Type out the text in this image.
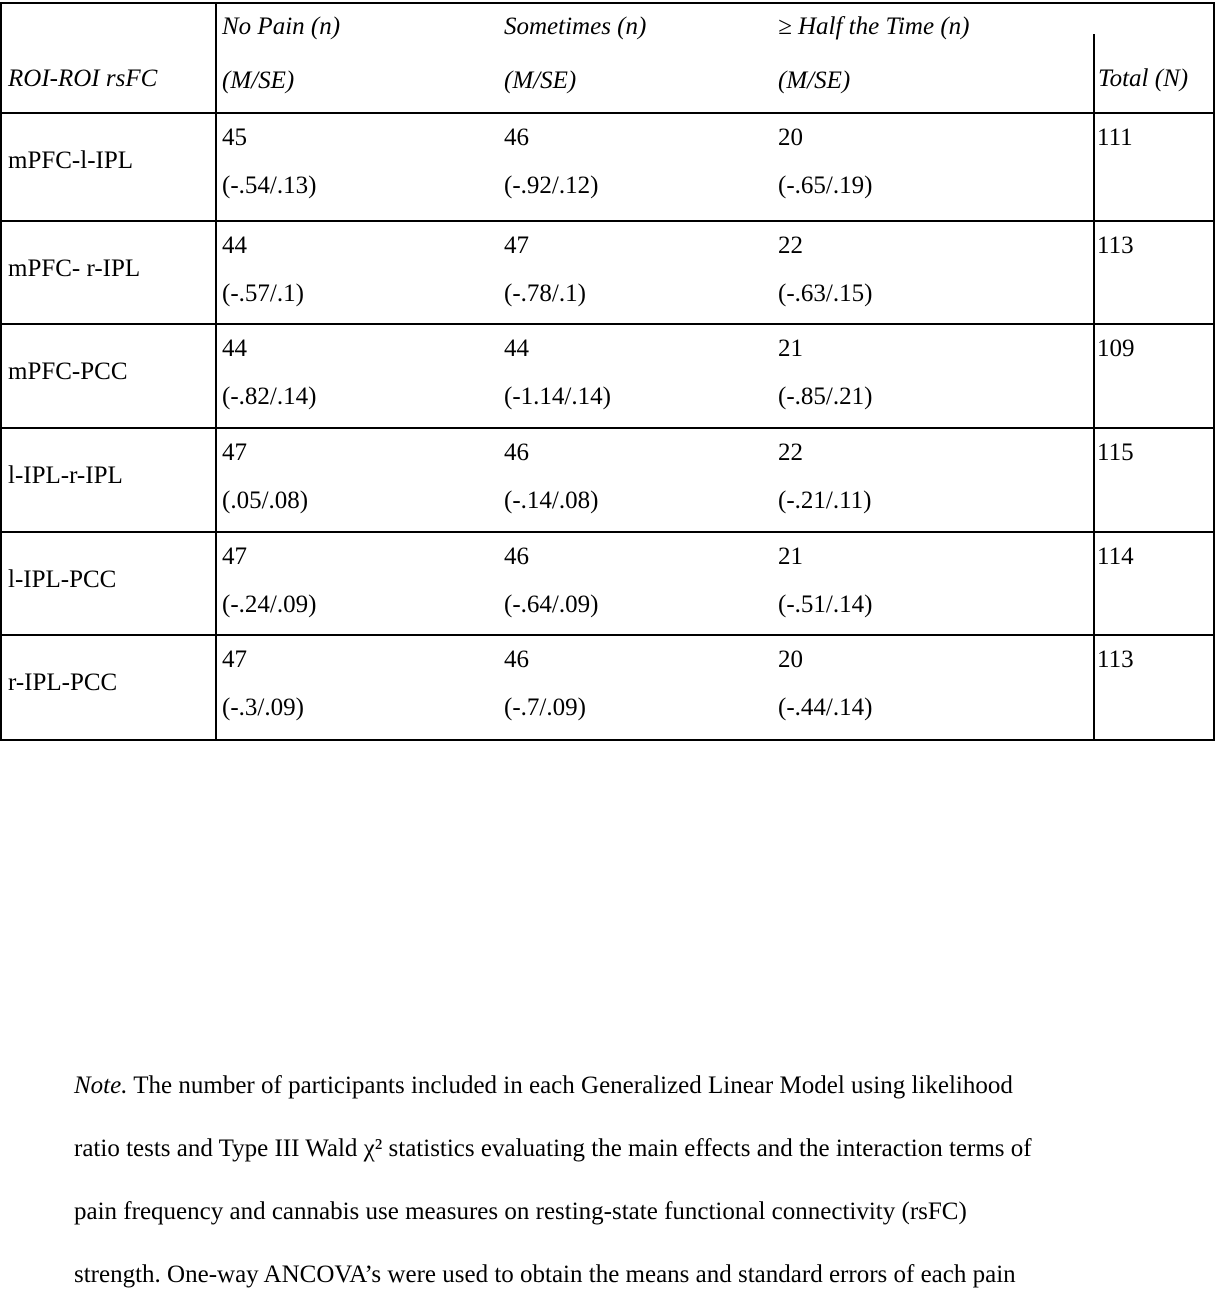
ROI-ROI rsFC
No Pain (n)
(M/SE)
Sometimes (n)
(M/SE)
≥ Half the Time (n)
(M/SE)	Total (N)
mPFC-l-IPL
45
(-.54/.13)
46
(-.92/.12)
20
(-.65/.19)
111
mPFC- r-IPL
44
(-.57/.1)
47
(-.78/.1)
22
(-.63/.15)
113
mPFC-PCC
44
(-.82/.14)
44
(-1.14/.14)
21
(-.85/.21)
109
l-IPL-r-IPL
47
(.05/.08)
46
(-.14/.08)
22
(-.21/.11)
115
l-IPL-PCC
47
(-.24/.09)
46
(-.64/.09)
21
(-.51/.14)
114
r-IPL-PCC
47
(-.3/.09)
46
(-.7/.09)
20
(-.44/.14)
113
Note. The number of participants included in each Generalized Linear Model using likelihood
ratio tests and Type III Wald χ² statistics evaluating the main effects and the interaction terms of
pain frequency and cannabis use measures on resting-state functional connectivity (rsFC)
strength. One-way ANCOVA’s were used to obtain the means and standard errors of each pain
